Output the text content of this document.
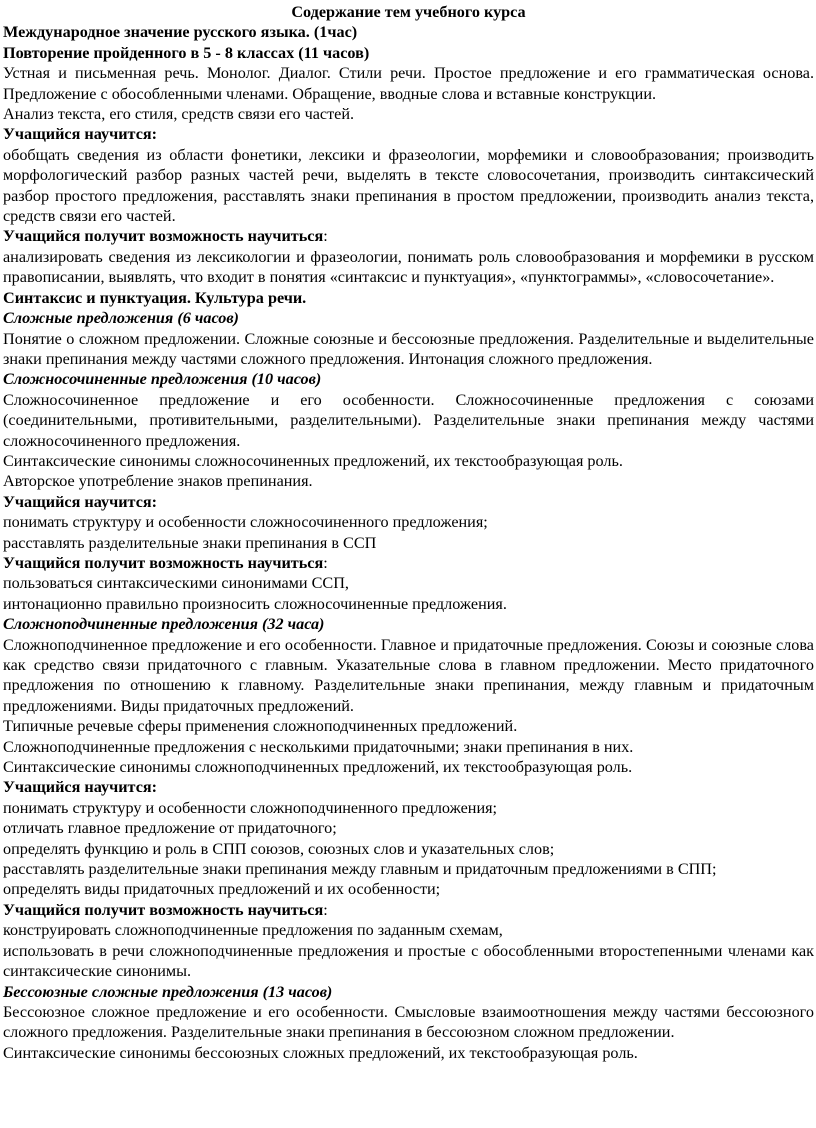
Содержание тем учебного курса
Международное значение русского языка. (1час)
Повторение пройденного в 5 - 8 классах (11 часов)
Устная и письменная речь. Монолог. Диалог. Стили речи. Простое предложение и его грамматическая основа. Предложение с обособленными членами. Обращение, вводные слова и вставные конструкции.
Анализ текста, его стиля, средств связи его частей.
Учащийся научится:
обобщать сведения из области фонетики, лексики и фразеологии, морфемики и словообразования; производить морфологический разбор разных частей речи, выделять в тексте словосочетания, производить синтаксический разбор простого предложения, расставлять знаки препинания в простом предложении, производить анализ текста, средств связи его частей.
Учащийся получит возможность научиться:
анализировать сведения из лексикологии и фразеологии, понимать роль словообразования и морфемики в русском правописании, выявлять, что входит в понятия «синтаксис и пунктуация», «пунктограммы», «словосочетание».
Синтаксис и пунктуация. Культура речи.
Сложные предложения (6 часов)
Понятие о сложном предложении. Сложные союзные и бессоюзные предложения. Разделительные и выделительные знаки препинания между частями сложного предложения. Интонация сложного предложения.
Сложносочиненные предложения (10 часов)
Сложносочиненное предложение и его особенности. Сложносочиненные предложения с союзами (соединительными, противительными, разделительными). Разделительные знаки препинания между частями сложносочиненного предложения.
Синтаксические синонимы сложносочиненных предложений, их текстообразующая роль.
Авторское употребление знаков препинания.
Учащийся научится:
понимать структуру и особенности сложносочиненного предложения;
расставлять разделительные знаки препинания в ССП
Учащийся получит возможность научиться:
пользоваться синтаксическими синонимами ССП,
интонационно правильно произносить сложносочиненные предложения.
Сложноподчиненные предложения (32 часа)
Сложноподчиненное предложение и его особенности. Главное и придаточные предложения. Союзы и союзные слова как средство связи придаточного с главным. Указательные слова в главном предложении. Место придаточного предложения по отношению к главному. Разделительные знаки препинания, между главным и придаточным предложениями. Виды придаточных предложений.
Типичные речевые сферы применения сложноподчиненных предложений.
Сложноподчиненные предложения с несколькими придаточными; знаки препинания в них.
Синтаксические синонимы сложноподчиненных предложений, их текстообразующая роль.
Учащийся научится:
понимать структуру и особенности сложноподчиненного предложения;
отличать главное предложение от придаточного;
определять функцию и роль в СПП союзов, союзных слов и указательных слов;
расставлять разделительные знаки препинания между главным и придаточным предложениями в СПП;
определять виды придаточных предложений и их особенности;
Учащийся получит возможность научиться:
конструировать сложноподчиненные предложения по заданным схемам,
использовать в речи сложноподчиненные предложения и простые с обособленными второстепенными членами как синтаксические синонимы.
Бессоюзные сложные предложения (13 часов)
Бессоюзное сложное предложение и его особенности. Смысловые взаимоотношения между частями бессоюзного сложного предложения. Разделительные знаки препинания в бессоюзном сложном предложении.
Синтаксические синонимы бессоюзных сложных предложений, их текстообразующая роль.
